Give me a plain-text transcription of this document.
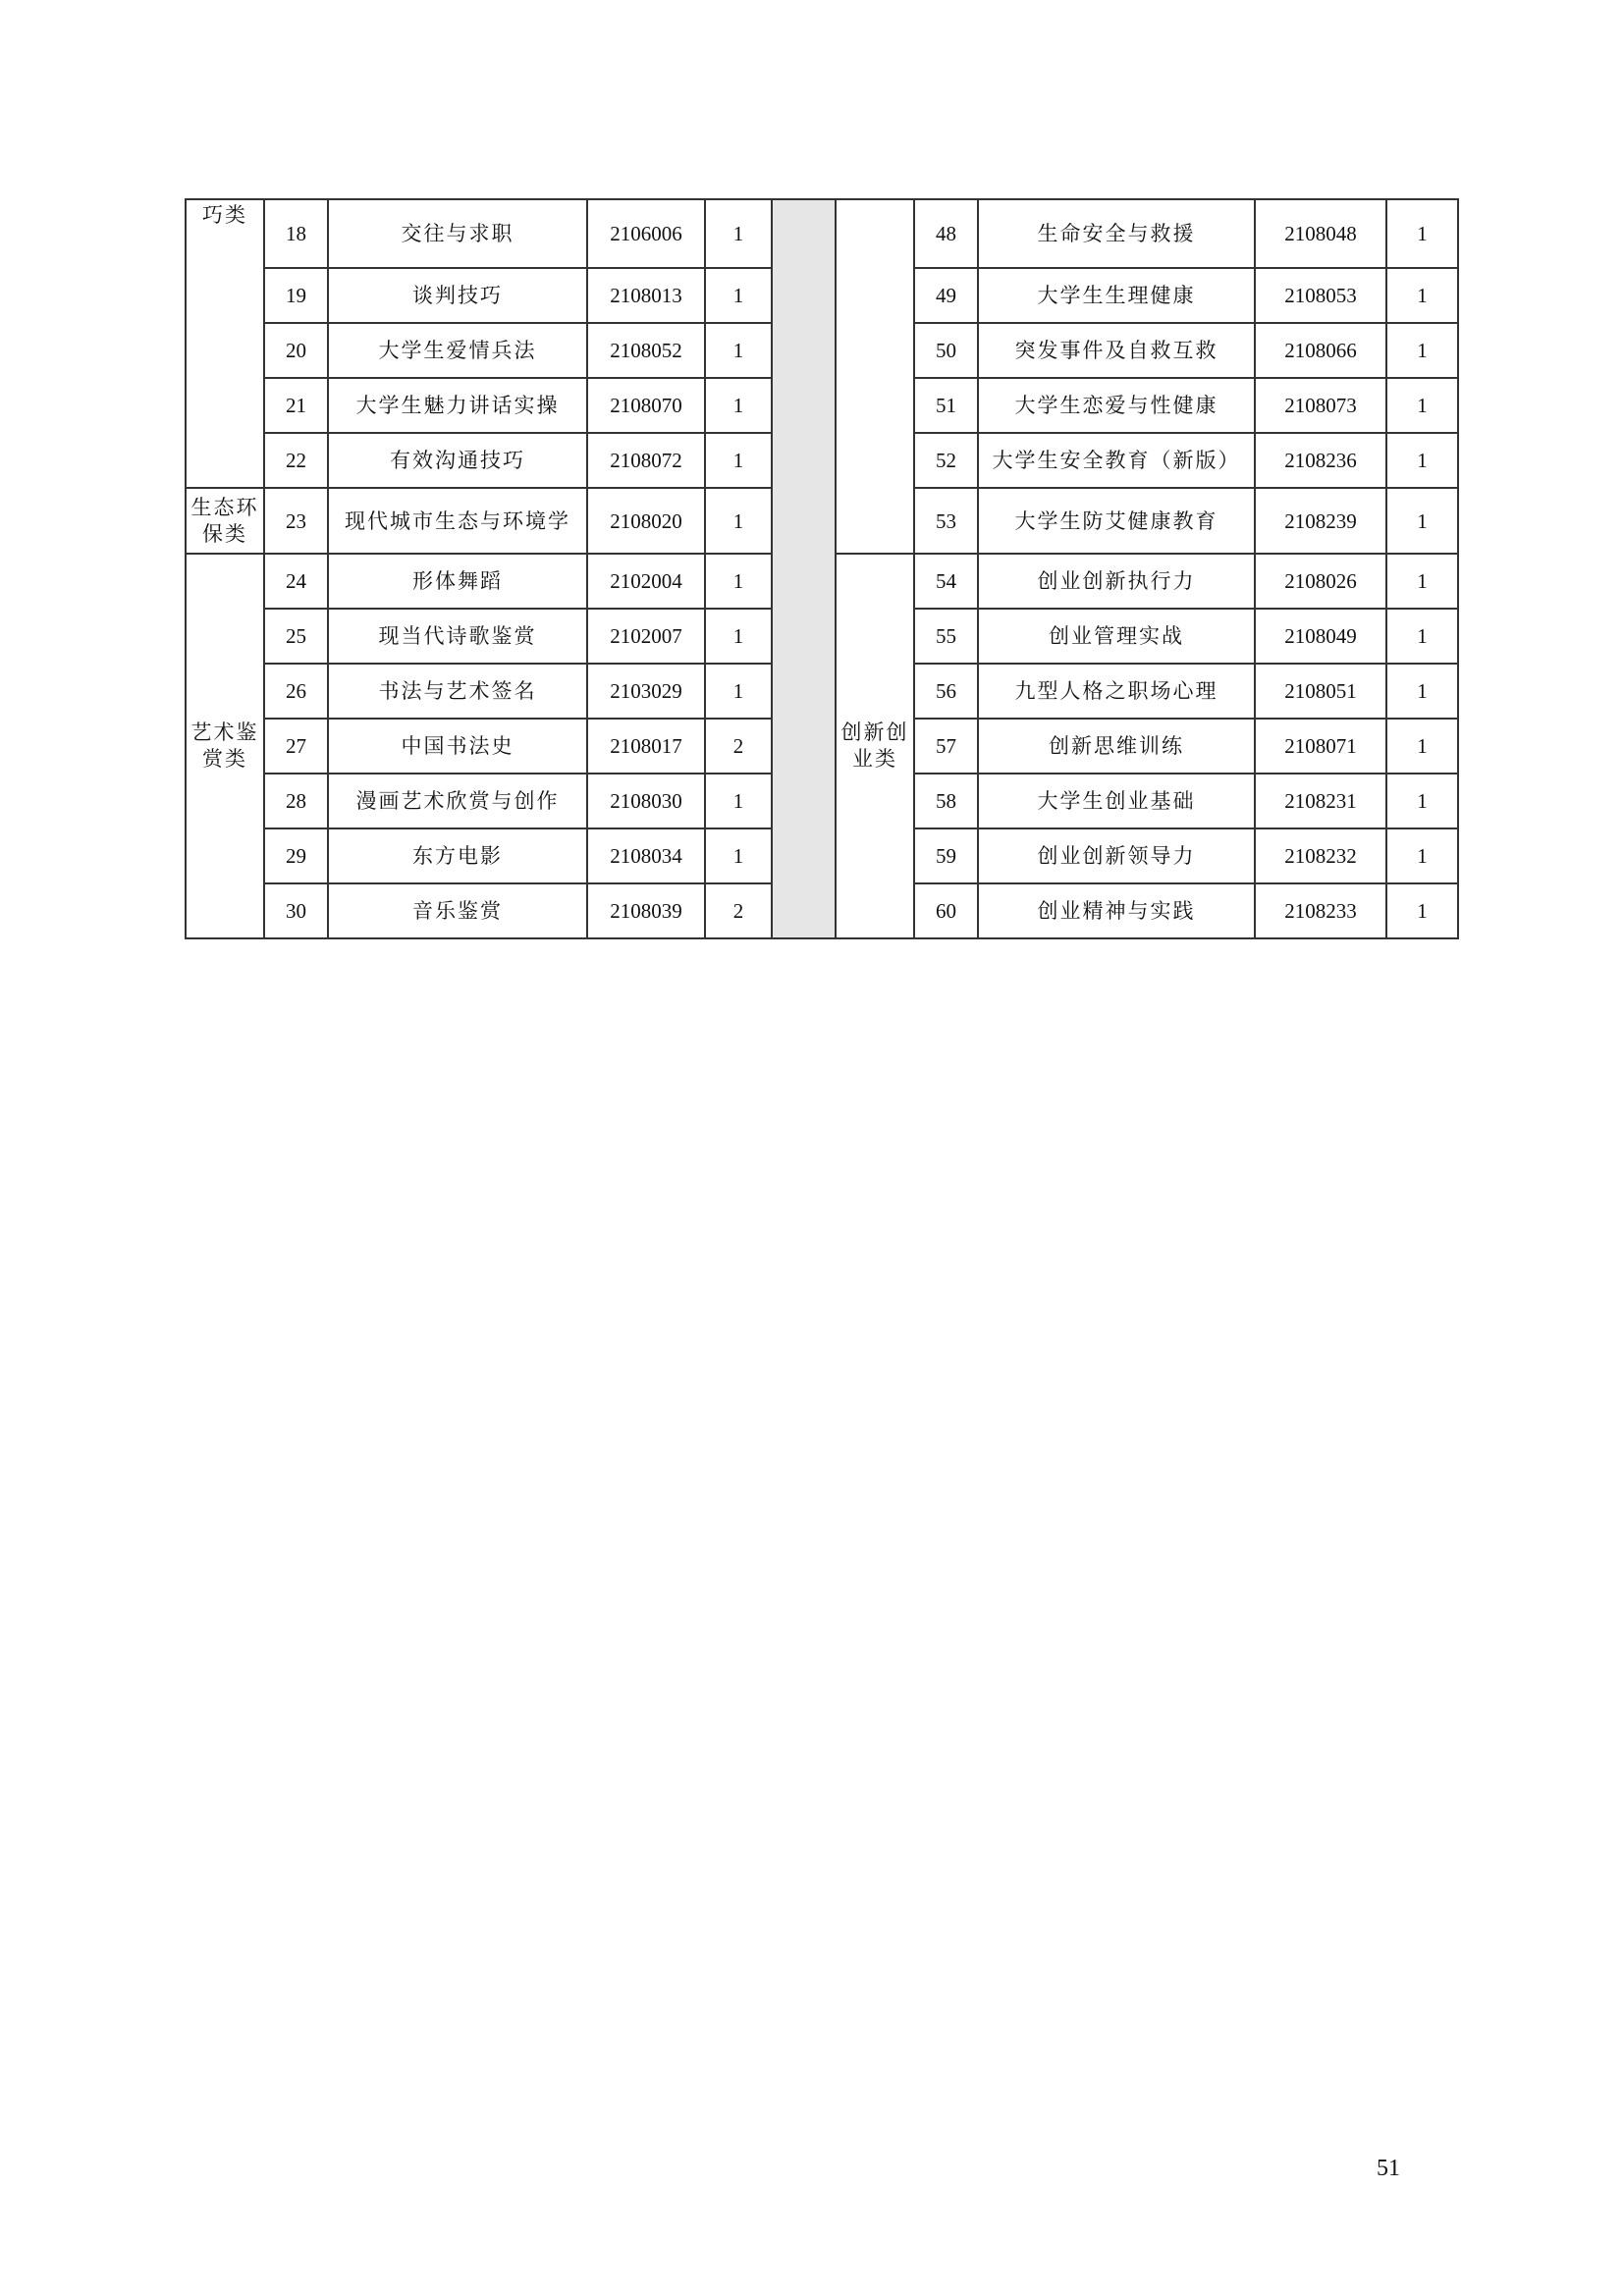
巧类	18	交往与求职	2106006	1			48	生命安全与救援	2108048	1
	19	谈判技巧	2108013	1			49	大学生生理健康	2108053	1
	20	大学生爱情兵法	2108052	1			50	突发事件及自救互救	2108066	1
	21	大学生魅力讲话实操	2108070	1			51	大学生恋爱与性健康	2108073	1
	22	有效沟通技巧	2108072	1			52	大学生安全教育（新版）	2108236	1
生态环保类	23	现代城市生态与环境学	2108020	1			53	大学生防艾健康教育	2108239	1
艺术鉴赏类	24	形体舞蹈	2102004	1		创新创业类	54	创业创新执行力	2108026	1
	25	现当代诗歌鉴赏	2102007	1			55	创业管理实战	2108049	1
	26	书法与艺术签名	2103029	1			56	九型人格之职场心理	2108051	1
	27	中国书法史	2108017	2			57	创新思维训练	2108071	1
	28	漫画艺术欣赏与创作	2108030	1			58	大学生创业基础	2108231	1
	29	东方电影	2108034	1			59	创业创新领导力	2108232	1
	30	音乐鉴赏	2108039	2			60	创业精神与实践	2108233	1
51
